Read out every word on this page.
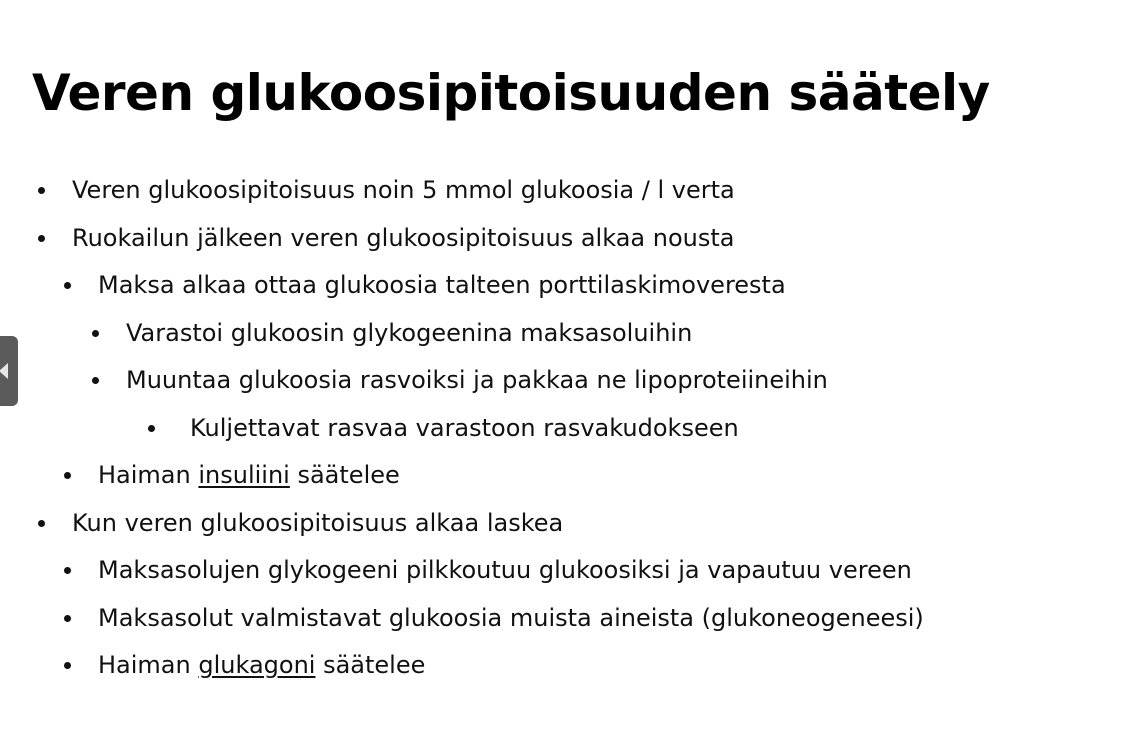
Veren glukoosipitoisuuden säätely
Veren glukoosipitoisuus noin 5 mmol glukoosia / l verta
Ruokailun jälkeen veren glukoosipitoisuus alkaa nousta
Maksa alkaa ottaa glukoosia talteen porttilaskimoveresta
Varastoi glukoosin glykogeenina maksasoluihin
Muuntaa glukoosia rasvoiksi ja pakkaa ne lipoproteiineihin
Kuljettavat rasvaa varastoon rasvakudokseen
Haiman insuliini säätelee
Kun veren glukoosipitoisuus alkaa laskea
Maksasolujen glykogeeni pilkkoutuu glukoosiksi ja vapautuu vereen
Maksasolut valmistavat glukoosia muista aineista (glukoneogeneesi)
Haiman glukagoni säätelee
